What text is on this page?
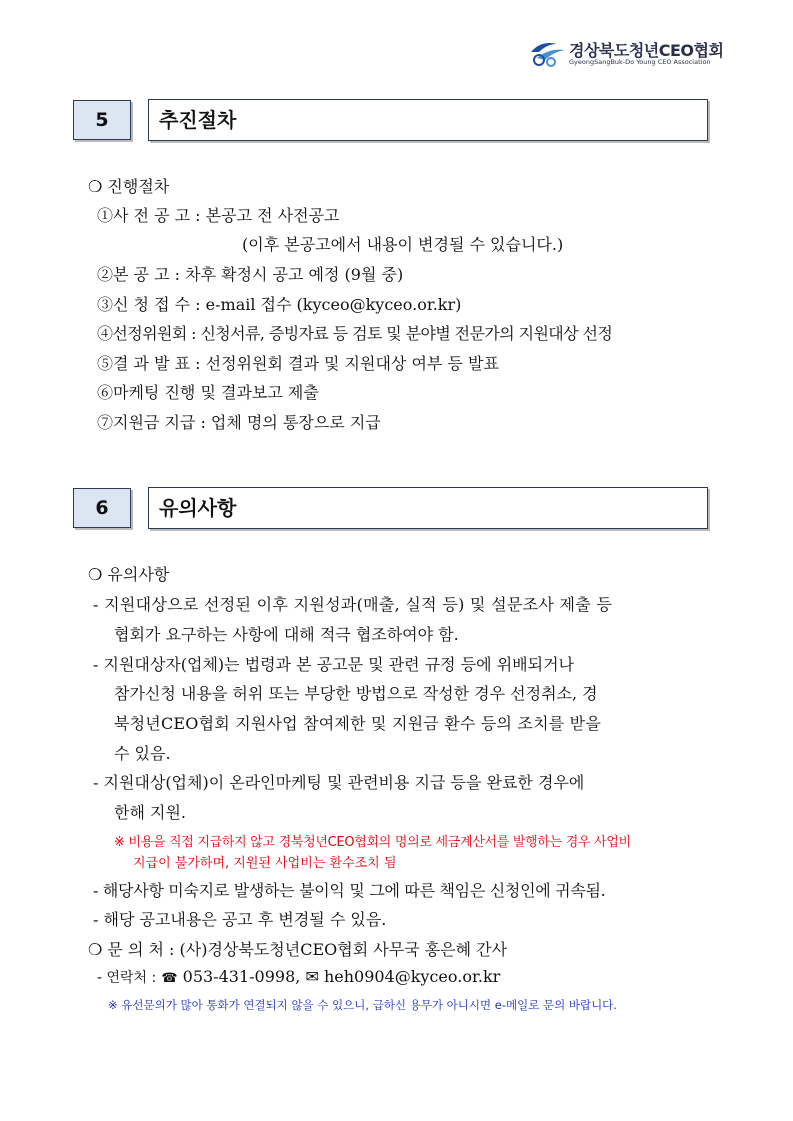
경상북도청년CEO협회
GyeongSangBuk-Do Young CEO Association
5	추진절차
❍ 진행절차
①사 전 공 고 : 본공고 전 사전공고
(이후 본공고에서 내용이 변경될 수 있습니다.)
②본 공 고 : 차후 확정시 공고 예정 (9월 중)
③신 청 접 수 : e-mail 접수 (kyceo@kyceo.or.kr)
④선정위원회 : 신청서류, 증빙자료 등 검토 및 분야별 전문가의 지원대상 선정
⑤결 과 발 표 : 선정위원회 결과 및 지원대상 여부 등 발표
⑥마케팅 진행 및 결과보고 제출
⑦지원금 지급 : 업체 명의 통장으로 지급
6	유의사항
❍ 유의사항
- 지원대상으로 선정된 이후 지원성과(매출, 실적 등) 및 설문조사 제출 등
협회가 요구하는 사항에 대해 적극 협조하여야 함.
- 지원대상자(업체)는 법령과 본 공고문 및 관련 규정 등에 위배되거나
참가신청 내용을 허위 또는 부당한 방법으로 작성한 경우 선정취소, 경
북청년CEO협회 지원사업 참여제한 및 지원금 환수 등의 조치를 받을
수 있음.
- 지원대상(업체)이 온라인마케팅 및 관련비용 지급 등을 완료한 경우에
한해 지원.
※ 비용을 직접 지급하지 않고 경북청년CEO협회의 명의로 세금계산서를 발행하는 경우 사업비
지급이 불가하며, 지원된 사업비는 환수조치 됨
- 해당사항 미숙지로 발생하는 불이익 및 그에 따른 책임은 신청인에 귀속됨.
- 해당 공고내용은 공고 후 변경될 수 있음.
❍ 문 의 처 : (사)경상북도청년CEO협회 사무국 홍은혜 간사
- 연락처 : ☎ 053-431-0998, ✉ heh0904@kyceo.or.kr
※ 유선문의가 많아 통화가 연결되지 않을 수 있으니, 급하신 용무가 아니시면 e-메일로 문의 바랍니다.
